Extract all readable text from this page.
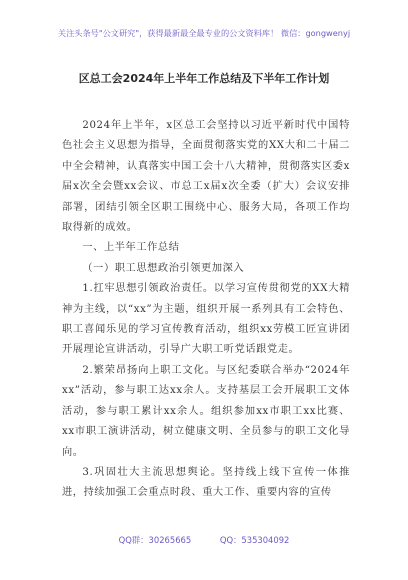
关注头条号"公文研究"，获得最新最全最专业的公文资料库！ 微信：gongwenyj
区总工会2024年上半年工作总结及下半年工作计划

2024年上半年，x区总工会坚持以习近平新时代中国特色社会主义思想为指导，全面贯彻落实党的XX大和二十届二中全会精神，认真落实中国工会十八大精神，贯彻落实区委x届x次全会暨xx会议、市总工x届x次全委（扩大）会议安排部署，团结引领全区职工围绕中心、服务大局，各项工作均取得新的成效。

一、上半年工作总结

（一）职工思想政治引领更加深入

1.扛牢思想引领政治责任。以学习宣传贯彻党的XX大精神为主线，以“xx”为主题，组织开展一系列具有工会特色、职工喜闻乐见的学习宣传教育活动，组织xx劳模工匠宣讲团开展理论宣讲活动，引导广大职工听党话跟党走。

2.繁荣昂扬向上职工文化。与区纪委联合举办“2024年xx”活动，参与职工达xx余人。支持基层工会开展职工文体活动，参与职工累计xx余人。组织参加xx市职工xx比赛、xx市职工演讲活动，树立健康文明、全员参与的职工文化导向。

3.巩固壮大主流思想舆论。坚持线上线下宣传一体推进，持续加强工会重点时段、重大工作、重要内容的宣传

QQ群：30265665	QQ：535304092
